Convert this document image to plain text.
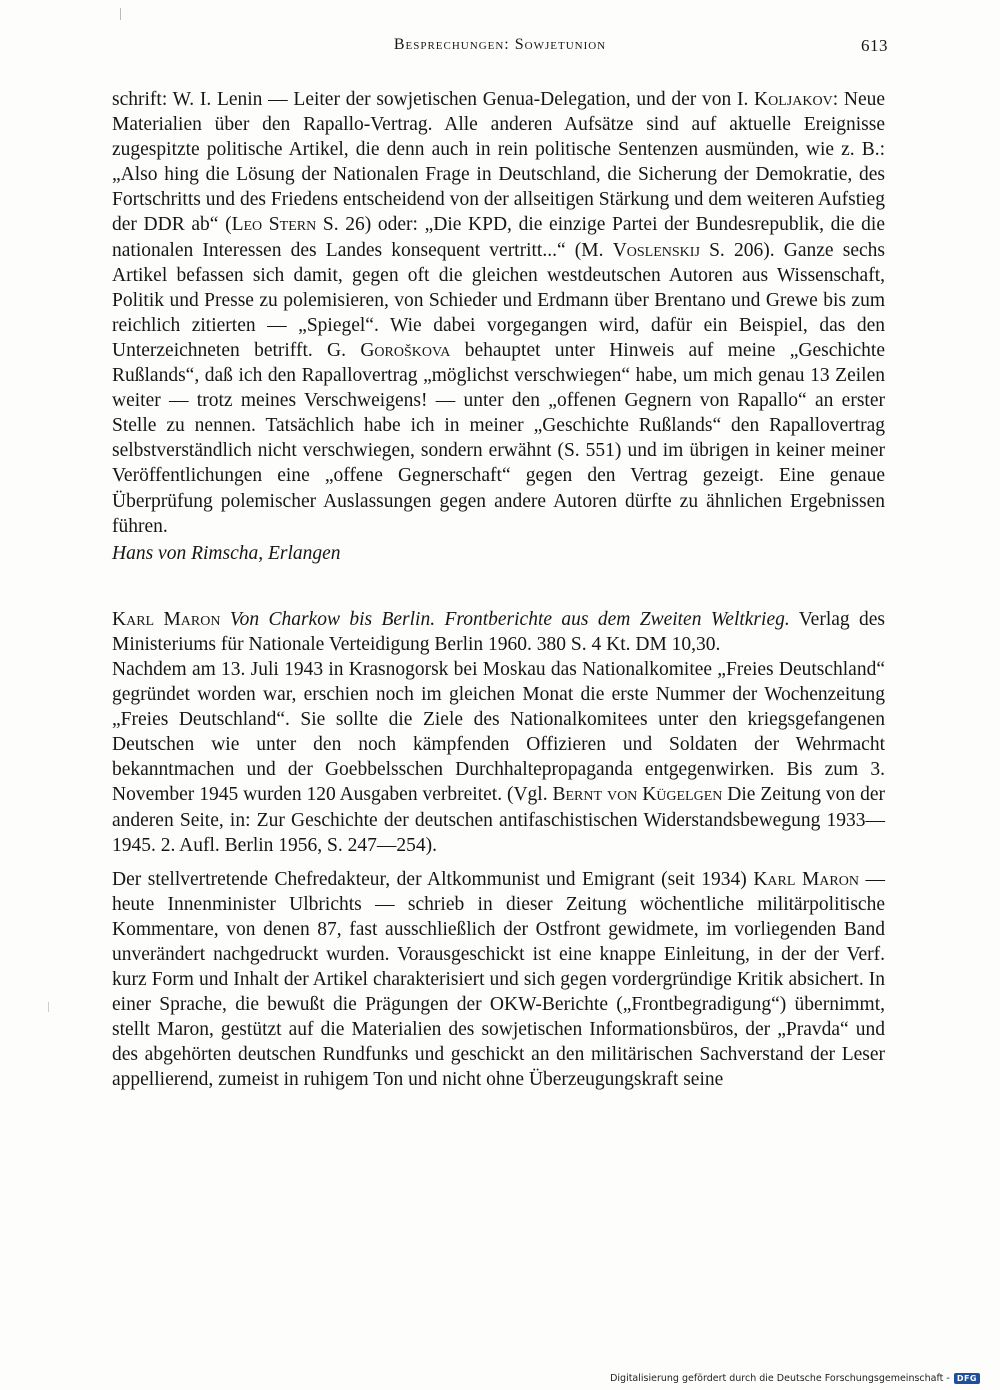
Besprechungen: Sowjetunion	613

schrift: W. I. Lenin — Leiter der sowjetischen Genua-Delegation, und der von I. Koljakov: Neue Materialien über den Rapallo-Vertrag. Alle anderen Aufsätze sind auf aktuelle Ereignisse zugespitzte politische Artikel, die denn auch in rein politische Sentenzen ausmünden, wie z. B.: „Also hing die Lösung der Nationalen Frage in Deutschland, die Sicherung der Demokratie, des Fortschritts und des Friedens entscheidend von der allseitigen Stärkung und dem weiteren Aufstieg der DDR ab“ (Leo Stern S. 26) oder: „Die KPD, die einzige Partei der Bundesrepublik, die die nationalen Interessen des Landes konsequent vertritt...“ (M. Voslenskij S. 206). Ganze sechs Artikel befassen sich damit, gegen oft die gleichen westdeutschen Autoren aus Wissenschaft, Politik und Presse zu polemisieren, von Schieder und Erdmann über Brentano und Grewe bis zum reichlich zitierten — „Spiegel“. Wie dabei vorgegangen wird, dafür ein Beispiel, das den Unterzeichneten betrifft. G. Goroškova behauptet unter Hinweis auf meine „Geschichte Rußlands“, daß ich den Rapallovertrag „möglichst verschwiegen“ habe, um mich genau 13 Zeilen weiter — trotz meines Verschweigens! — unter den „offenen Gegnern von Rapallo“ an erster Stelle zu nennen. Tatsächlich habe ich in meiner „Geschichte Rußlands“ den Rapallovertrag selbstverständlich nicht verschwiegen, sondern erwähnt (S. 551) und im übrigen in keiner meiner Veröffentlichungen eine „offene Gegnerschaft“ gegen den Vertrag gezeigt. Eine genaue Überprüfung polemischer Auslassungen gegen andere Autoren dürfte zu ähnlichen Ergebnissen führen.

Hans von Rimscha, Erlangen

Karl Maron Von Charkow bis Berlin. Frontberichte aus dem Zweiten Weltkrieg. Verlag des Ministeriums für Nationale Verteidigung Berlin 1960. 380 S. 4 Kt. DM 10,30.

Nachdem am 13. Juli 1943 in Krasnogorsk bei Moskau das Nationalkomitee „Freies Deutschland“ gegründet worden war, erschien noch im gleichen Monat die erste Nummer der Wochenzeitung „Freies Deutschland“. Sie sollte die Ziele des Nationalkomitees unter den kriegsgefangenen Deutschen wie unter den noch kämpfenden Offizieren und Soldaten der Wehrmacht bekanntmachen und der Goebbelsschen Durchhaltepropaganda entgegenwirken. Bis zum 3. November 1945 wurden 120 Ausgaben verbreitet. (Vgl. Bernt von Kügelgen Die Zeitung von der anderen Seite, in: Zur Geschichte der deutschen antifaschistischen Widerstandsbewegung 1933—1945. 2. Aufl. Berlin 1956, S. 247—254).

Der stellvertretende Chefredakteur, der Altkommunist und Emigrant (seit 1934) Karl Maron — heute Innenminister Ulbrichts — schrieb in dieser Zeitung wöchentliche militärpolitische Kommentare, von denen 87, fast ausschließlich der Ostfront gewidmete, im vorliegenden Band unverändert nachgedruckt wurden. Vorausgeschickt ist eine knappe Einleitung, in der der Verf. kurz Form und Inhalt der Artikel charakterisiert und sich gegen vordergründige Kritik absichert. In einer Sprache, die bewußt die Prägungen der OKW-Berichte („Frontbegradigung“) übernimmt, stellt Maron, gestützt auf die Materialien des sowjetischen Informationsbüros, der „Pravda“ und des abgehörten deutschen Rundfunks und geschickt an den militärischen Sachverstand der Leser appellierend, zumeist in ruhigem Ton und nicht ohne Überzeugungskraft seine

Digitalisierung gefördert durch die Deutsche Forschungsgemeinschaft - DFG
